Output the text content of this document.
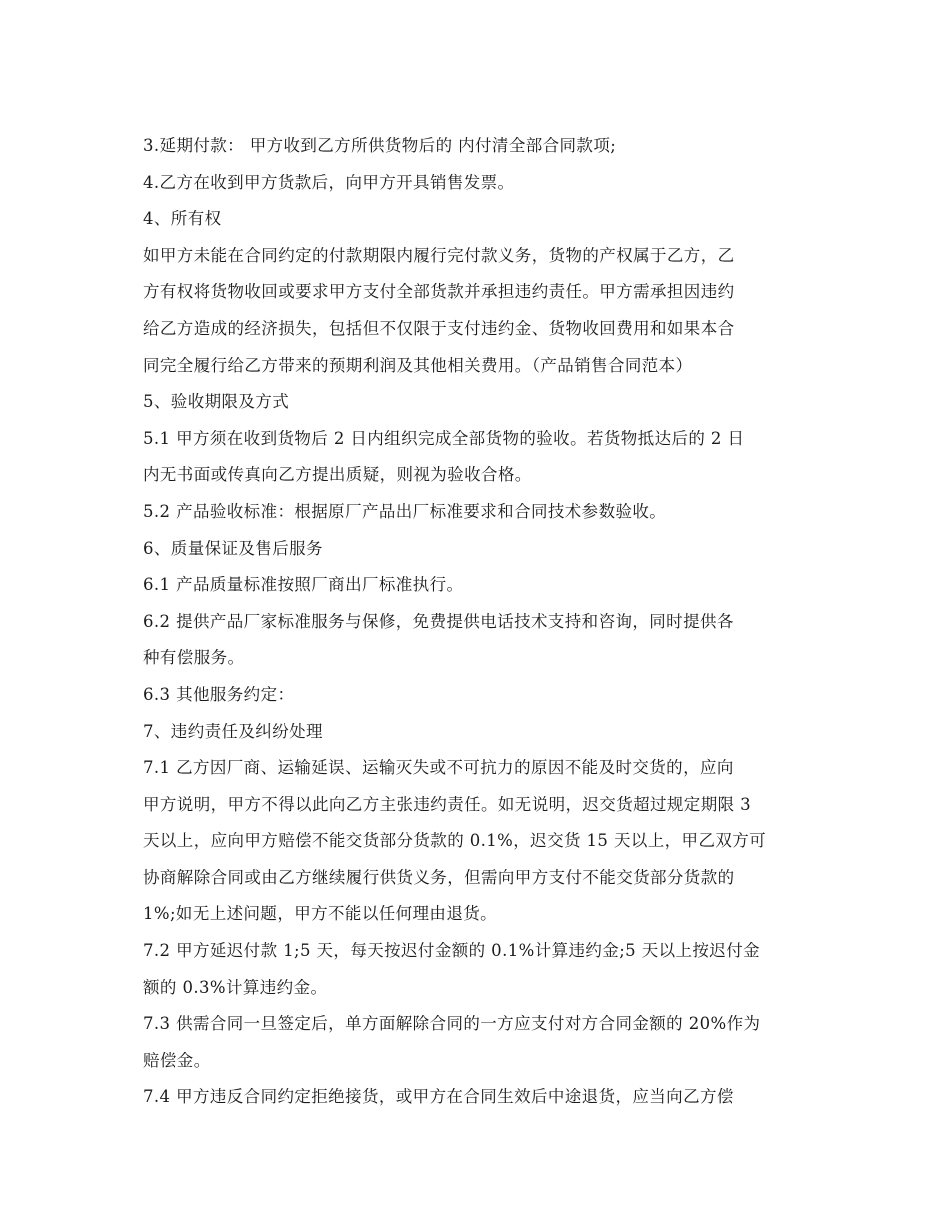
3.延期付款： 甲方收到乙方所供货物后的 内付清全部合同款项;
4.乙方在收到甲方货款后，向甲方开具销售发票。
4、所有权
如甲方未能在合同约定的付款期限内履行完付款义务，货物的产权属于乙方，乙
方有权将货物收回或要求甲方支付全部货款并承担违约责任。甲方需承担因违约
给乙方造成的经济损失，包括但不仅限于支付违约金、货物收回费用和如果本合
同完全履行给乙方带来的预期利润及其他相关费用。（产品销售合同范本）
5、验收期限及方式
5.1 甲方须在收到货物后 2 日内组织完成全部货物的验收。若货物抵达后的 2 日
内无书面或传真向乙方提出质疑，则视为验收合格。
5.2 产品验收标准：根据原厂产品出厂标准要求和合同技术参数验收。
6、质量保证及售后服务
6.1 产品质量标准按照厂商出厂标准执行。
6.2 提供产品厂家标准服务与保修，免费提供电话技术支持和咨询，同时提供各
种有偿服务。
6.3 其他服务约定：
7、违约责任及纠纷处理
7.1 乙方因厂商、运输延误、运输灭失或不可抗力的原因不能及时交货的，应向
甲方说明，甲方不得以此向乙方主张违约责任。如无说明，迟交货超过规定期限 3
天以上，应向甲方赔偿不能交货部分货款的 0.1%，迟交货 15 天以上，甲乙双方可
协商解除合同或由乙方继续履行供货义务，但需向甲方支付不能交货部分货款的
1%;如无上述问题，甲方不能以任何理由退货。
7.2 甲方延迟付款 1;5 天，每天按迟付金额的 0.1%计算违约金;5 天以上按迟付金
额的 0.3%计算违约金。
7.3 供需合同一旦签定后，单方面解除合同的一方应支付对方合同金额的 20%作为
赔偿金。
7.4 甲方违反合同约定拒绝接货，或甲方在合同生效后中途退货，应当向乙方偿
